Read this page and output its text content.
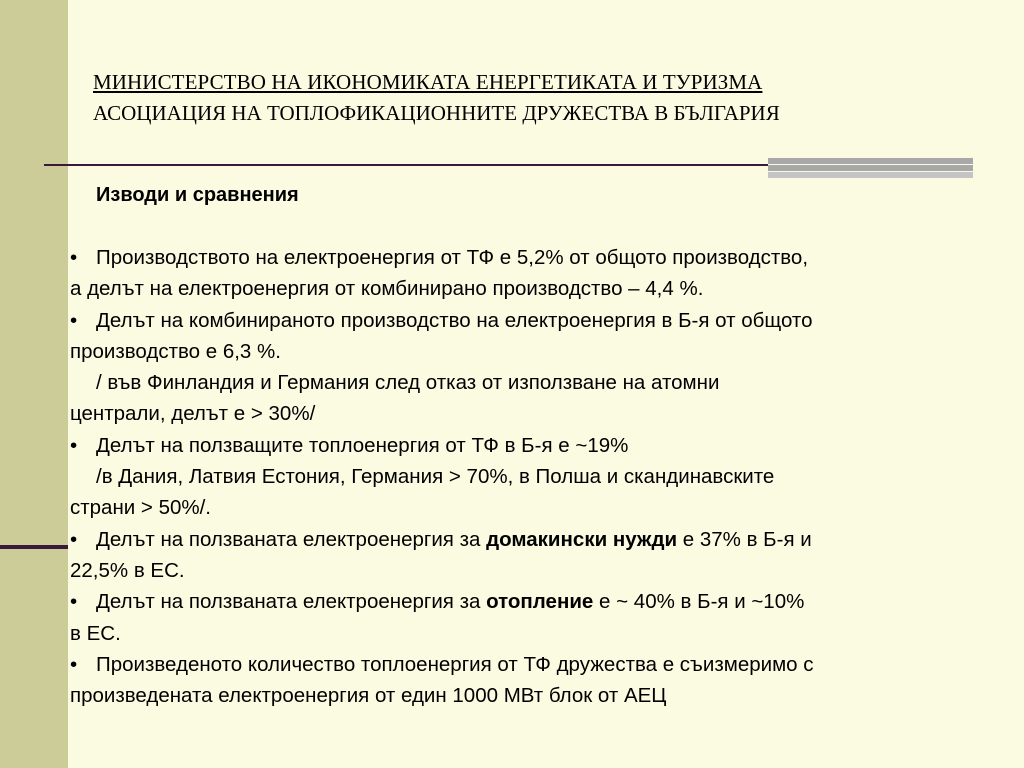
МИНИСТЕРСТВО НА ИКОНОМИКАТА ЕНЕРГЕТИКАТА И ТУРИЗМА

АСОЦИАЦИЯ НА ТОПЛОФИКАЦИОННИТЕ ДРУЖЕСТВА В БЪЛГАРИЯ

Изводи и сравнения
• Производството на електроенергия от ТФ е 5,2% от общото производство,
а делът на електроенергия от комбинирано производство – 4,4 %.
• Делът на комбинираното производство на електроенергия в Б-я от общото
производство е 6,3 %.
/ във Финландия и Германия след отказ от използване на атомни
централи, делът е > 30%/
• Делът на ползващите топлоенергия от ТФ в Б-я е ~19%
/в Дания, Латвия Естония, Германия > 70%, в Полша и скандинавските
страни > 50%/.
• Делът на ползваната електроенергия за домакински нужди е 37% в Б-я и
22,5% в ЕС.
• Делът на ползваната електроенергия за отопление е ~ 40% в Б-я и ~10%
в ЕС.
• Произведеното количество топлоенергия от ТФ дружества е съизмеримо с
произведената електроенергия от един 1000 МВт блок от АЕЦ
